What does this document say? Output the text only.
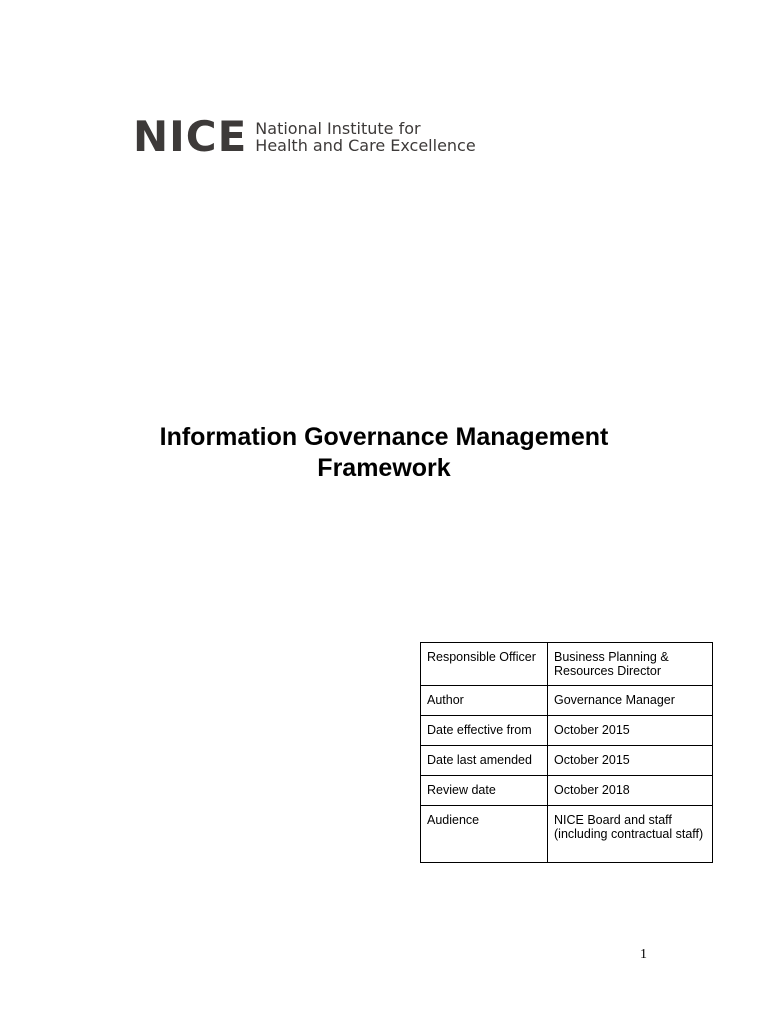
NICE National Institute for
Health and Care Excellence
Information Governance Management
Framework
Responsible Officer	Business Planning & Resources Director
Author	Governance Manager
Date effective from	October 2015
Date last amended	October 2015
Review date	October 2018
Audience	NICE Board and staff (including contractual staff)
1
